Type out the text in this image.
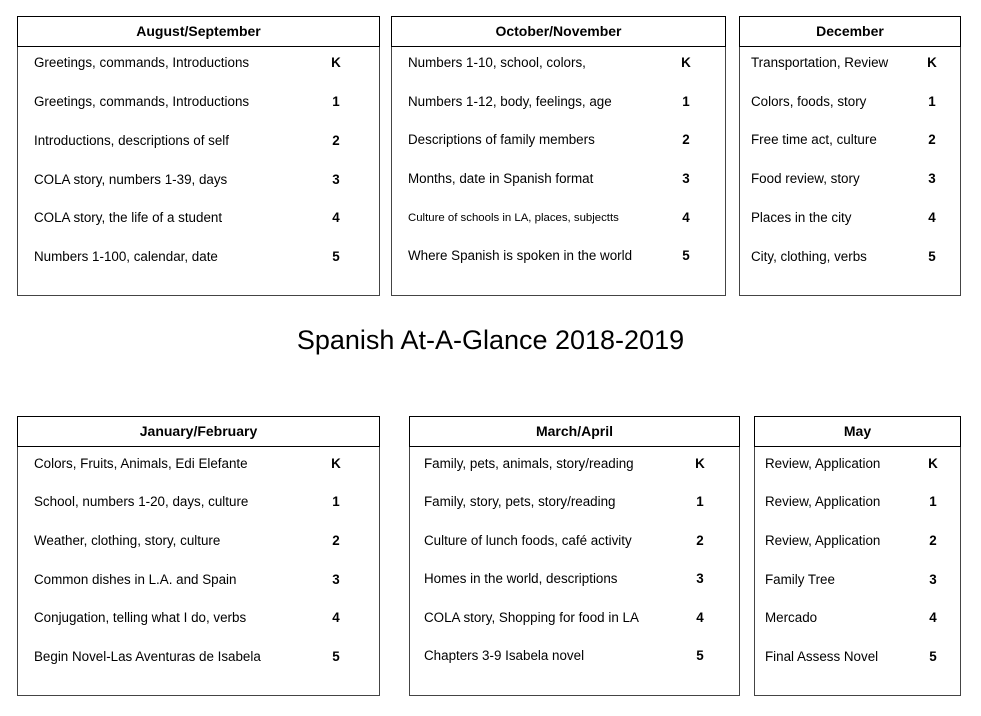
August/September
Greetings, commands, Introductions	K
Greetings, commands, Introductions	1
Introductions, descriptions of self	2
COLA story, numbers 1-39, days	3
COLA story, the life of a student	4
Numbers 1-100, calendar, date	5
October/November
Numbers 1-10, school, colors,	K
Numbers 1-12, body, feelings, age	1
Descriptions of family members	2
Months, date in Spanish format	3
Culture of schools in LA, places, subjectts	4
Where Spanish is spoken in the world	5
December
Transportation, Review	K
Colors, foods, story	1
Free time act, culture	2
Food review, story	3
Places in the city	4
City, clothing, verbs	5
Spanish At-A-Glance 2018-2019
January/February
Colors, Fruits, Animals, Edi Elefante	K
School, numbers 1-20, days, culture	1
Weather, clothing, story, culture	2
Common dishes in L.A. and Spain	3
Conjugation, telling what I do, verbs	4
Begin Novel-Las Aventuras de Isabela	5
March/April
Family, pets, animals, story/reading	K
Family, story, pets, story/reading	1
Culture of lunch foods, café activity	2
Homes in the world, descriptions	3
COLA story, Shopping for food in LA	4
Chapters 3-9 Isabela novel	5
May
Review, Application	K
Review, Application	1
Review, Application	2
Family Tree	3
Mercado	4
Final Assess Novel	5
